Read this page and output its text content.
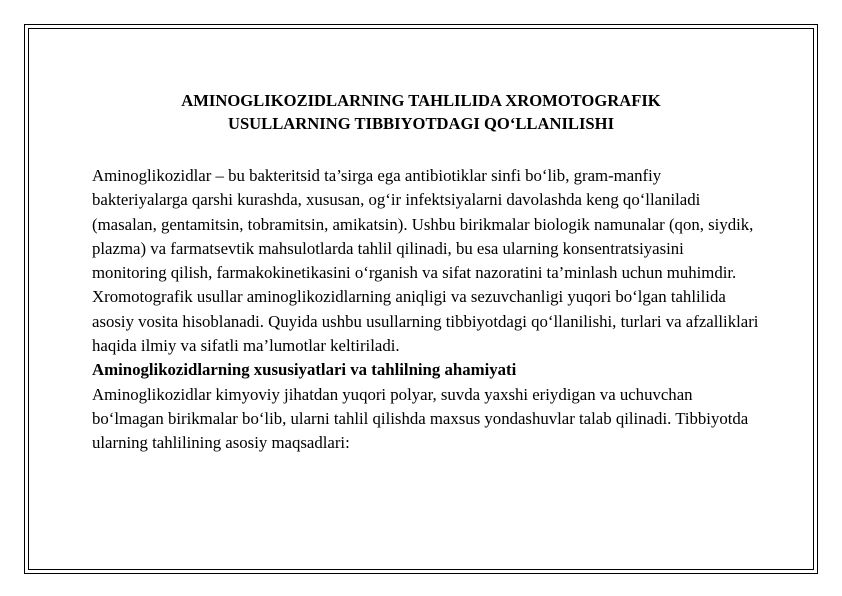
AMINOGLIKOZIDLARNING TAHLILIDA XROMOTOGRAFIK
USULLARNING TIBBIYOTDAGI QO‘LLANILISHI

Aminoglikozidlar – bu bakteritsid ta’sirga ega antibiotiklar sinfi bo‘lib, gram-manfiy bakteriyalarga qarshi kurashda, xususan, og‘ir infektsiyalarni davolashda keng qo‘llaniladi (masalan, gentamitsin, tobramitsin, amikatsin). Ushbu birikmalar biologik namunalar (qon, siydik, plazma) va farmatsevtik mahsulotlarda tahlil qilinadi, bu esa ularning konsentratsiyasini monitoring qilish, farmakokinetikasini o‘rganish va sifat nazoratini ta’minlash uchun muhimdir. Xromotografik usullar aminoglikozidlarning aniqligi va sezuvchanligi yuqori bo‘lgan tahlilida asosiy vosita hisoblanadi. Quyida ushbu usullarning tibbiyotdagi qo‘llanilishi, turlari va afzalliklari haqida ilmiy va sifatli ma’lumotlar keltiriladi.

Aminoglikozidlarning xususiyatlari va tahlilning ahamiyati

Aminoglikozidlar kimyoviy jihatdan yuqori polyar, suvda yaxshi eriydigan va uchuvchan bo‘lmagan birikmalar bo‘lib, ularni tahlil qilishda maxsus yondashuvlar talab qilinadi. Tibbiyotda ularning tahlilining asosiy maqsadlari:
